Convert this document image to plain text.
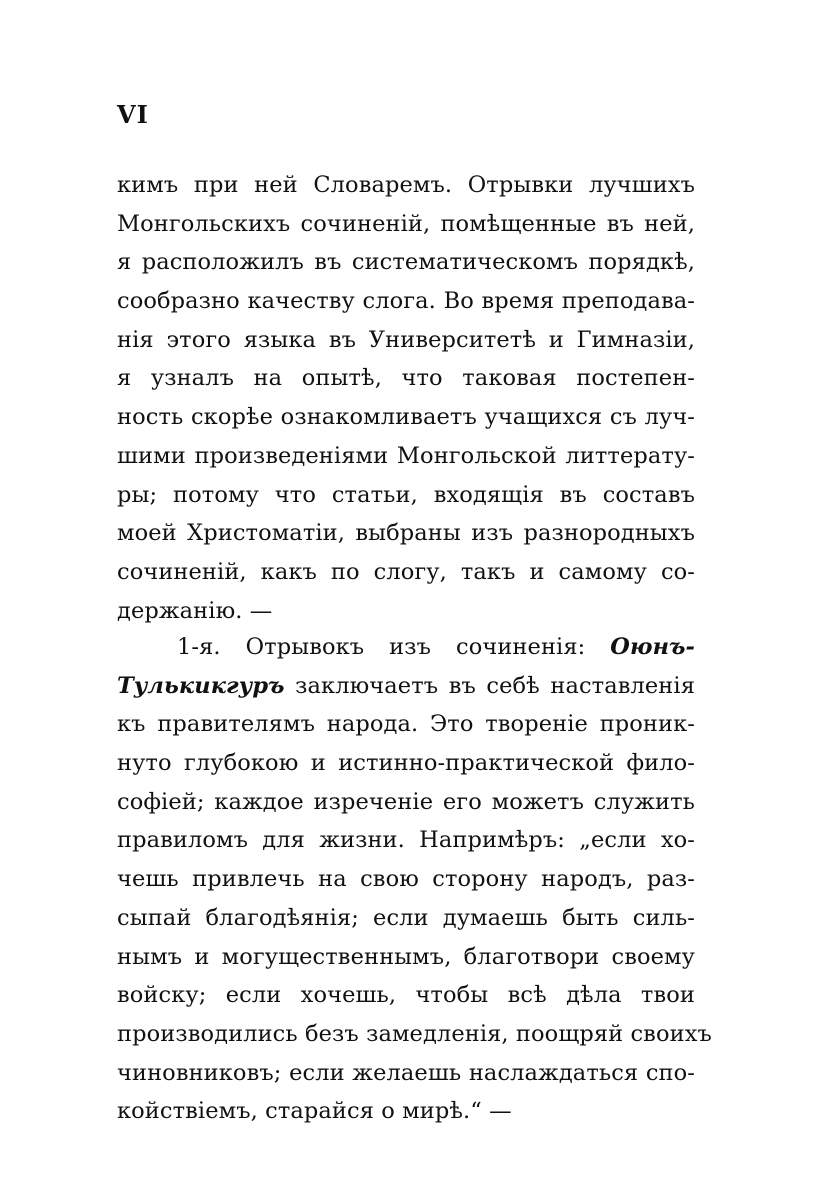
VI
кимъ при ней Словаремъ. Отрывки лучшихъ
Монгольскихъ сочиненій, помѣщенные въ ней,
я расположилъ въ систематическомъ порядкѣ,
сообразно качеству слога. Во время преподава-
нія этого языка въ Университетѣ и Гимназіи,
я узналъ на опытѣ, что таковая постепен-
ность скорѣе ознакомливаетъ учащихся съ луч-
шими произведеніями Монгольской литтерату-
ры; потому что статьи, входящія въ составъ
моей Христоматіи, выбраны изъ разнородныхъ
сочиненій, какъ по слогу, такъ и самому со-
держанію. —
1-я. Отрывокъ изъ сочиненія: Оюнъ-
Тулькикгуръ заключаетъ въ себѣ наставленія
къ правителямъ народа. Это твореніе проник-
нуто глубокою и истинно-практической фило-
софіей; каждое изреченіе его можетъ служить
правиломъ для жизни. Напримѣръ: „если хо-
чешь привлечь на свою сторону народъ, раз-
сыпай благодѣянія; если думаешь быть силь-
нымъ и могущественнымъ, благотвори своему
войску; если хочешь, чтобы всѣ дѣла твои
производились безъ замедленія, поощряй своихъ
чиновниковъ; если желаешь наслаждаться спо-
койствіемъ, старайся о мирѣ.“ —
